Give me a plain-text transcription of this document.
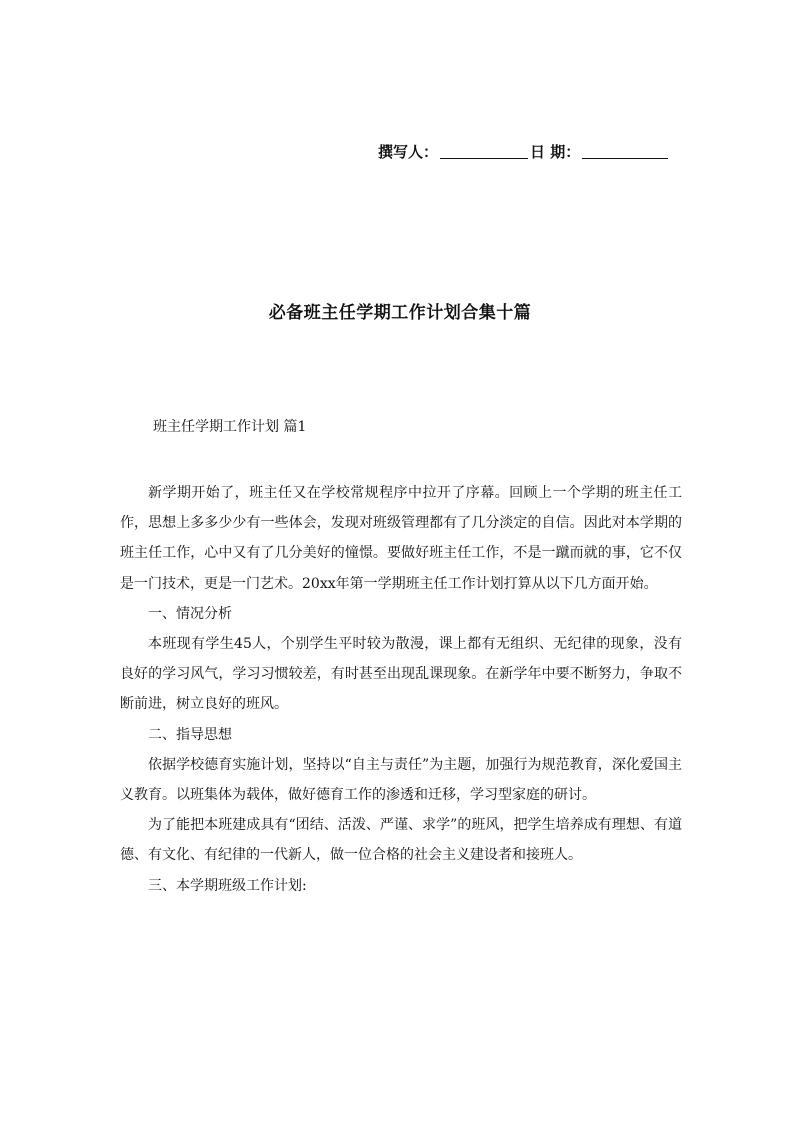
撰写人：	日 期：
必备班主任学期工作计划合集十篇
班主任学期工作计划 篇1

新学期开始了，班主任又在学校常规程序中拉开了序幕。回顾上一个学期的班主任工作，思想上多多少少有一些体会，发现对班级管理都有了几分淡定的自信。因此对本学期的班主任工作，心中又有了几分美好的憧憬。要做好班主任工作，不是一蹴而就的事，它不仅是一门技术，更是一门艺术。20xx年第一学期班主任工作计划打算从以下几方面开始。

一、情况分析

本班现有学生45人，个别学生平时较为散漫，课上都有无组织、无纪律的现象，没有良好的学习风气，学习习惯较差，有时甚至出现乱课现象。在新学年中要不断努力，争取不断前进，树立良好的班风。

二、指导思想

依据学校德育实施计划，坚持以“自主与责任”为主题，加强行为规范教育，深化爱国主义教育。以班集体为载体，做好德育工作的渗透和迁移，学习型家庭的研讨。

为了能把本班建成具有“团结、活泼、严谨、求学”的班风，把学生培养成有理想、有道德、有文化、有纪律的一代新人，做一位合格的社会主义建设者和接班人。

三、本学期班级工作计划:
